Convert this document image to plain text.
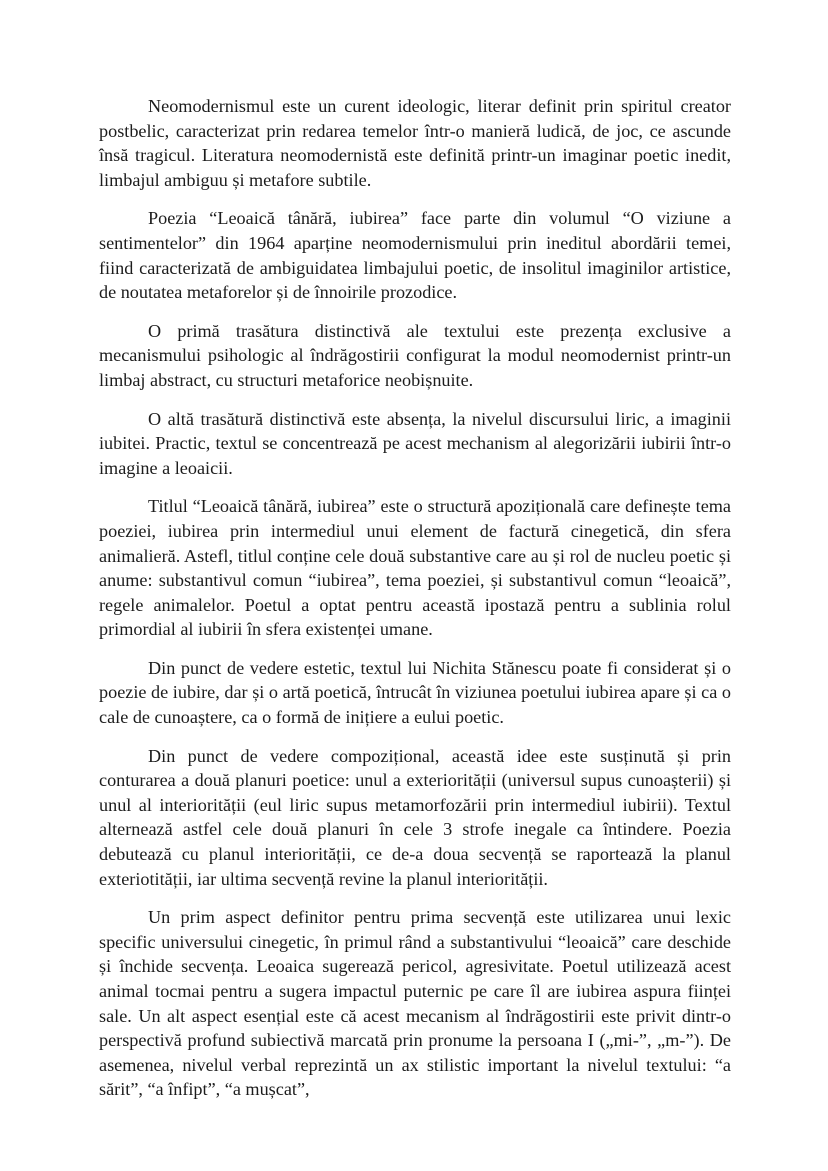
Neomodernismul este un curent ideologic, literar definit prin spiritul creator postbelic, caracterizat prin redarea temelor într-o manieră ludică, de joc, ce ascunde însă tragicul. Literatura neomodernistă este definită printr-un imaginar poetic inedit, limbajul ambiguu și metafore subtile.

Poezia “Leoaică tânără, iubirea” face parte din volumul “O viziune a sentimentelor” din 1964 aparține neomodernismului prin ineditul abordării temei, fiind caracterizată de ambiguidatea limbajului poetic, de insolitul imaginilor artistice, de noutatea metaforelor și de înnoirile prozodice.

O primă trasătura distinctivă ale textului este prezența exclusive a mecanismului psihologic al îndrăgostirii configurat la modul neomodernist printr-un limbaj abstract, cu structuri metaforice neobișnuite.

O altă trasătură distinctivă este absența, la nivelul discursului liric, a imaginii iubitei. Practic, textul se concentrează pe acest mechanism al alegorizării iubirii într-o imagine a leoaicii.

Titlul “Leoaică tânără, iubirea” este o structură apozițională care definește tema poeziei, iubirea prin intermediul unui element de factură cinegetică, din sfera animalieră. Astefl, titlul conține cele două substantive care au și rol de nucleu poetic și anume: substantivul comun “iubirea”, tema poeziei, și substantivul comun “leoaică”, regele animalelor. Poetul a optat pentru această ipostază pentru a sublinia rolul primordial al iubirii în sfera existenței umane.

Din punct de vedere estetic, textul lui Nichita Stănescu poate fi considerat și o poezie de iubire, dar și o artă poetică, întrucât în viziunea poetului iubirea apare și ca o cale de cunoaștere, ca o formă de inițiere a eului poetic.

Din punct de vedere compozițional, această idee este susținută și prin conturarea a două planuri poetice: unul a exteriorității (universul supus cunoașterii) și unul al interiorității (eul liric supus metamorfozării prin intermediul iubirii). Textul alternează astfel cele două planuri în cele 3 strofe inegale ca întindere. Poezia debutează cu planul interiorității, ce de-a doua secvență se raportează la planul exteriotității, iar ultima secvență revine la planul interiorității.

Un prim aspect definitor pentru prima secvență este utilizarea unui lexic specific universului cinegetic, în primul rând a substantivului “leoaică” care deschide și închide secvența. Leoaica sugerează pericol, agresivitate. Poetul utilizează acest animal tocmai pentru a sugera impactul puternic pe care îl are iubirea aspura ființei sale. Un alt aspect esențial este că acest mecanism al îndrăgostirii este privit dintr-o perspectivă profund subiectivă marcată prin pronume la persoana I („mi-”, „m-”). De asemenea, nivelul verbal reprezintă un ax stilistic important la nivelul textului: “a sărit”, “a înfipt”, “a mușcat”,
